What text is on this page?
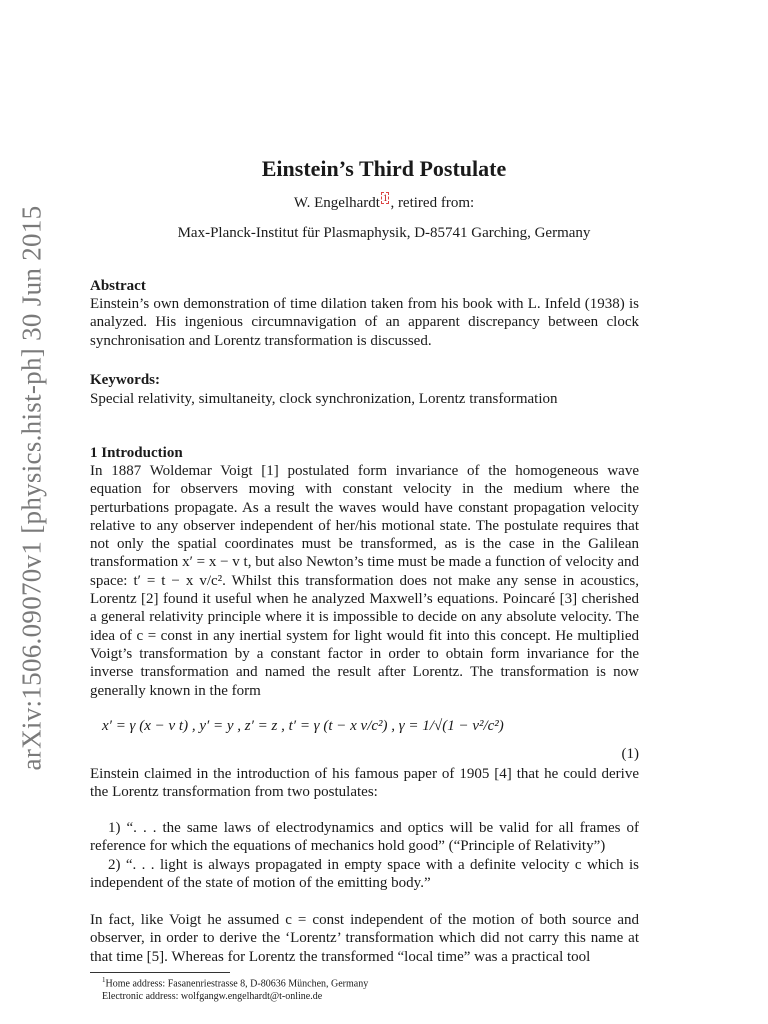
arXiv:1506.09070v1 [physics.hist-ph] 30 Jun 2015
Einstein’s Third Postulate
W. Engelhardt $^1$ , retired from:
Max-Planck-Institut für Plasmaphysik, D-85741 Garching, Germany
Abstract
Einstein’s own demonstration of time dilation taken from his book with L. Infeld (1938) is analyzed. His ingenious circumnavigation of an apparent discrepancy between clock synchronisation and Lorentz transformation is discussed.
Keywords:
Special relativity, simultaneity, clock synchronization, Lorentz transformation
1 Introduction
In 1887 Woldemar Voigt [1] postulated form invariance of the homogeneous wave equation for observers moving with constant velocity in the medium where the perturbations propagate. As a result the waves would have constant propagation velocity relative to any observer independent of her/his motional state. The postulate requires that not only the spatial coordinates must be transformed, as is the case in the Galilean transformation x′ = x − v t, but also Newton’s time must be made a function of velocity and space: t′ = t − x v/c². Whilst this transformation does not make any sense in acoustics, Lorentz [2] found it useful when he analyzed Maxwell’s equations. Poincaré [3] cherished a general relativity principle where it is impossible to decide on any absolute velocity. The idea of c = const in any inertial system for light would fit into this concept. He multiplied Voigt’s transformation by a constant factor in order to obtain form invariance for the inverse transformation and named the result after Lorentz. The transformation is now generally known in the form
x′ = γ (x − v t) , y′ = y , z′ = z , t′ = γ (t − x v/c²) , γ = 1/√(1 − v²/c²)
(1)
Einstein claimed in the introduction of his famous paper of 1905 [4] that he could derive the Lorentz transformation from two postulates:

1) “. . . the same laws of electrodynamics and optics will be valid for all frames of reference for which the equations of mechanics hold good” (“Principle of Relativity”)

2) “. . . light is always propagated in empty space with a definite velocity c which is independent of the state of motion of the emitting body.”

In fact, like Voigt he assumed c = const independent of the motion of both source and observer, in order to derive the ‘Lorentz’ transformation which did not carry this name at that time [5]. Whereas for Lorentz the transformed “local time” was a practical tool
$^1$Home address: Fasanenriestrasse 8, D-80636 München, Germany
Electronic address: wolfgangw.engelhardt@t-online.de
